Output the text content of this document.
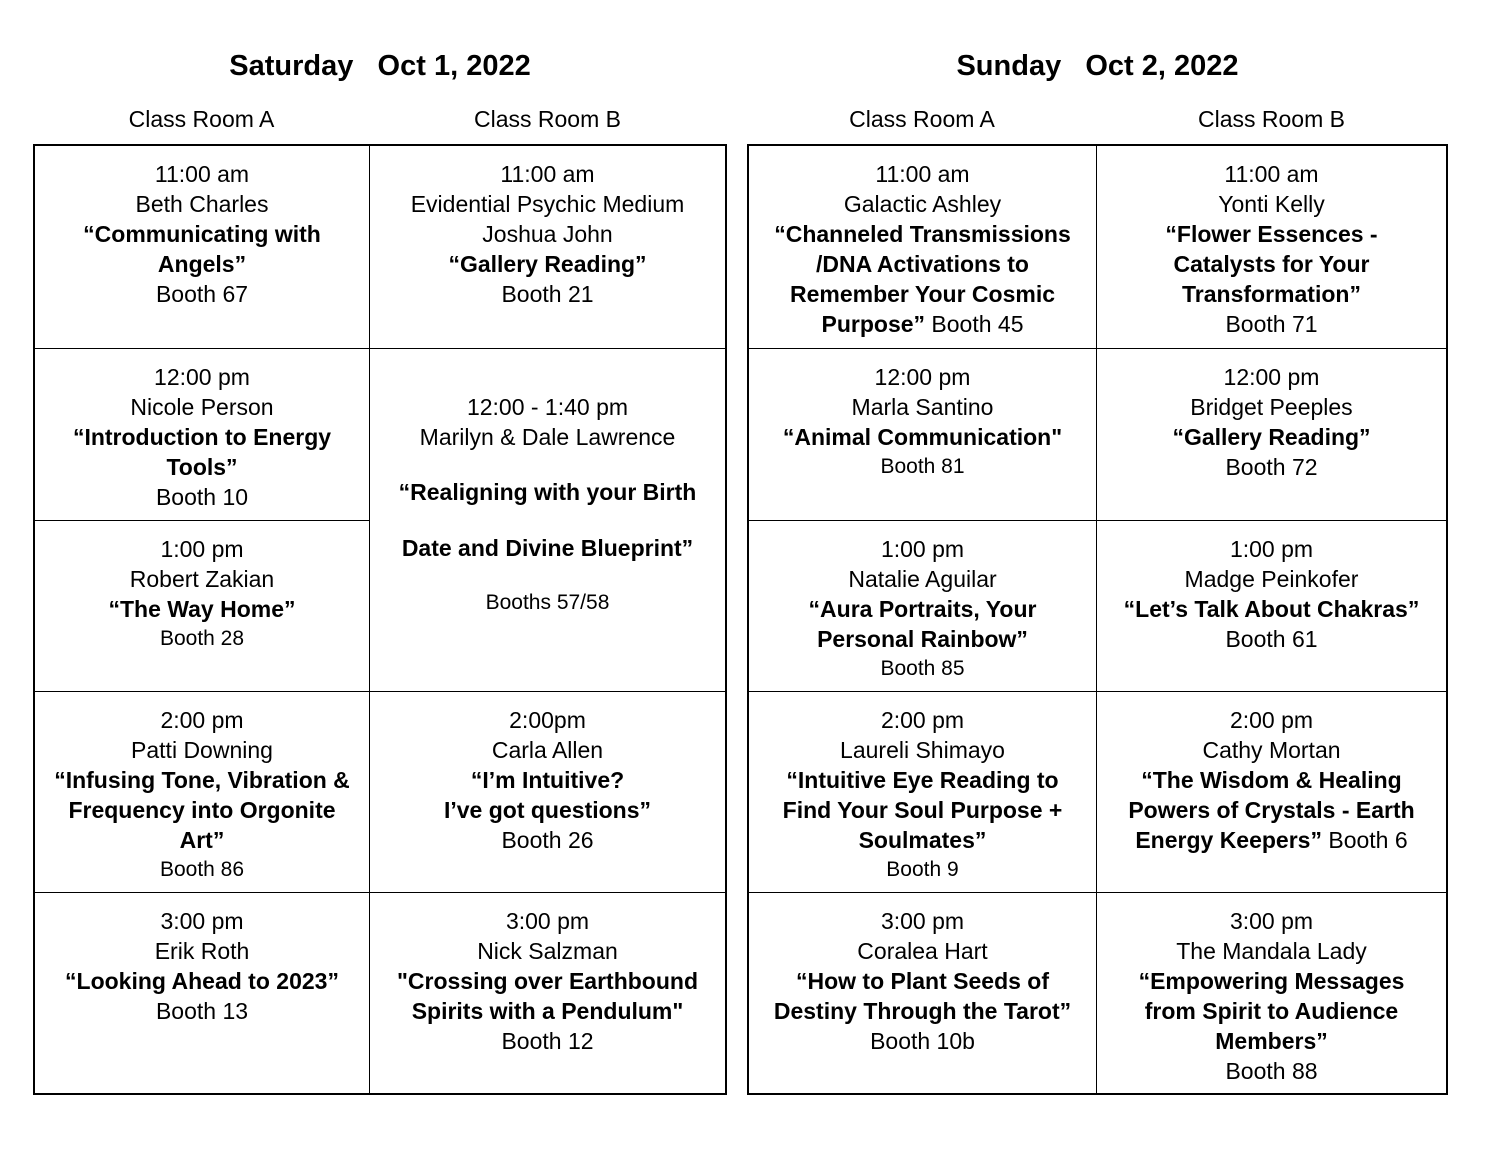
Saturday   Oct 1, 2022
Class Room A	Class Room B
Sunday   Oct 2, 2022
Class Room A	Class Room B
11:00 am
Beth Charles
“Communicating with Angels”
Booth 67
11:00 am
Evidential Psychic Medium
Joshua John
“Gallery Reading”
Booth 21
12:00 pm
Nicole Person
“Introduction to Energy Tools”
Booth 10
12:00 - 1:40 pm
Marilyn & Dale Lawrence
“Realigning with your Birth Date and Divine Blueprint”
Booths 57/58
1:00 pm
Robert Zakian
“The Way Home”
Booth 28
2:00 pm
Patti Downing
“Infusing Tone, Vibration & Frequency into Orgonite Art”
Booth 86
2:00pm
Carla Allen
“I’m Intuitive?
I’ve got questions”
Booth 26
3:00 pm
Erik Roth
“Looking Ahead to 2023”
Booth 13
3:00 pm
Nick Salzman
"Crossing over Earthbound Spirits with a Pendulum"
Booth 12
11:00 am
Galactic Ashley
“Channeled Transmissions /DNA Activations to Remember Your Cosmic Purpose” Booth 45
11:00 am
Yonti Kelly
“Flower Essences - Catalysts for Your Transformation”
Booth 71
12:00 pm
Marla Santino
“Animal Communication"
Booth 81
12:00 pm
Bridget Peeples
“Gallery Reading”
Booth 72
1:00 pm
Natalie Aguilar
“Aura Portraits, Your Personal Rainbow”
Booth 85
1:00 pm
Madge Peinkofer
“Let’s Talk About Chakras”
Booth 61
2:00 pm
Laureli Shimayo
“Intuitive Eye Reading to Find Your Soul Purpose + Soulmates”
Booth 9
2:00 pm
Cathy Mortan
“The Wisdom & Healing Powers of Crystals - Earth Energy Keepers” Booth 6
3:00 pm
Coralea Hart
“How to Plant Seeds of Destiny Through the Tarot”
Booth 10b
3:00 pm
The Mandala Lady
“Empowering Messages from Spirit to Audience Members”
Booth 88
